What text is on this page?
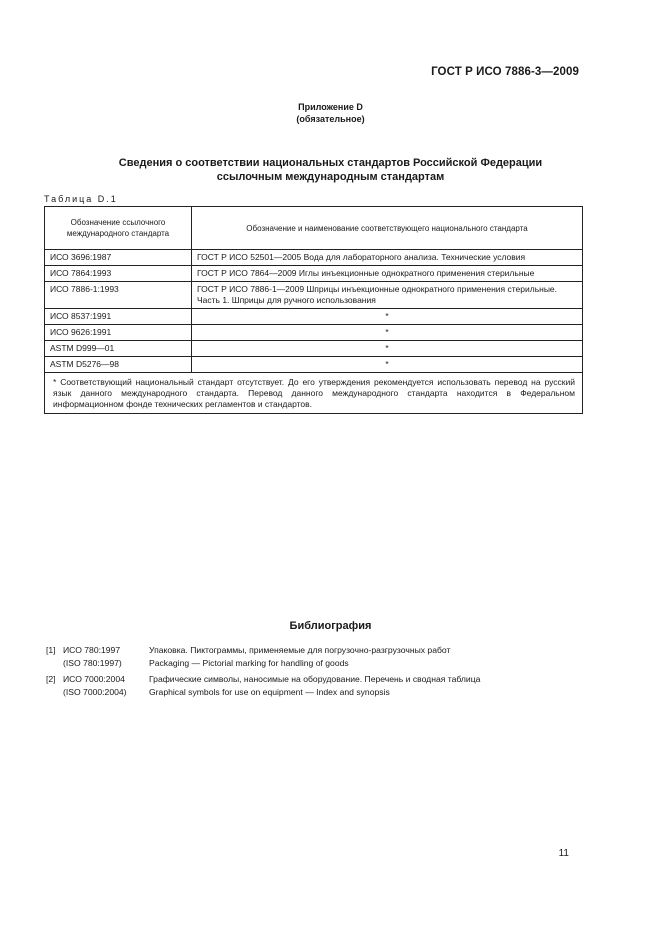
ГОСТ Р ИСО 7886-3—2009
Приложение D
(обязательное)
Сведения о соответствии национальных стандартов Российской Федерации
ссылочным международным стандартам
Таблица D.1
Обозначение ссылочного международного стандарта	Обозначение и наименование соответствующего национального стандарта
ИСО 3696:1987	ГОСТ Р ИСО 52501—2005 Вода для лабораторного анализа. Технические условия
ИСО 7864:1993	ГОСТ Р ИСО 7864—2009 Иглы инъекционные однократного применения стерильные
ИСО 7886-1:1993	ГОСТ Р ИСО 7886-1—2009 Шприцы инъекционные однократного применения стерильные. Часть 1. Шприцы для ручного использования
ИСО 8537:1991	*
ИСО 9626:1991	*
ASTM D999—01	*
ASTM D5276—98	*
* Соответствующий национальный стандарт отсутствует. До его утверждения рекомендуется использовать перевод на русский язык данного международного стандарта. Перевод данного международного стандарта находится в Федеральном информационном фонде технических регламентов и стандартов.	
Библиография
[1] ИСО 780:1997	Упаковка. Пиктограммы, применяемые для погрузочно-разгрузочных работ
(ISO 780:1997)	Packaging — Pictorial marking for handling of goods
[2] ИСО 7000:2004	Графические символы, наносимые на оборудование. Перечень и сводная таблица
(ISO 7000:2004)	Graphical symbols for use on equipment — Index and synopsis
11
